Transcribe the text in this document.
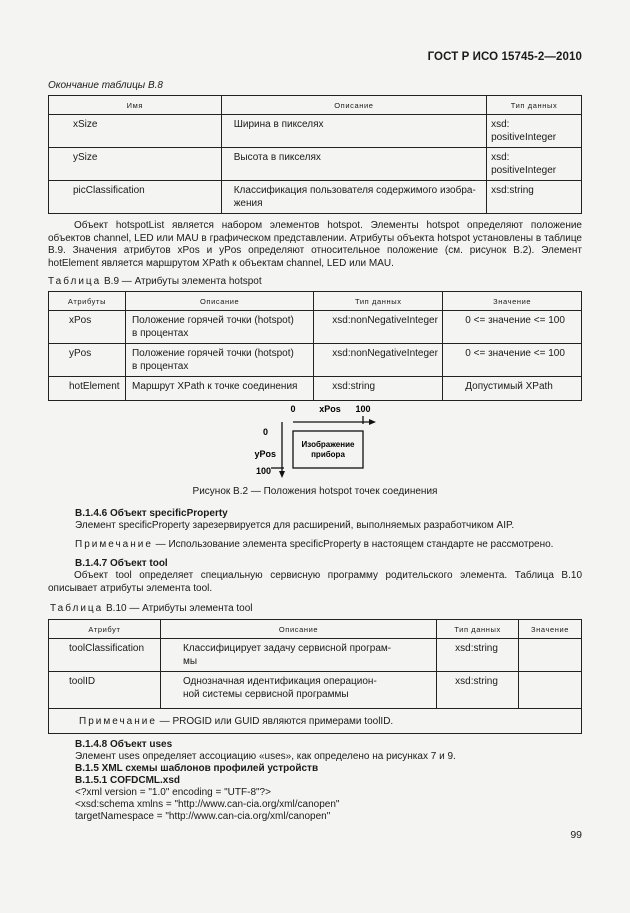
ГОСТ Р ИСО 15745-2—2010
Окончание таблицы В.8
Имя	Описание	Тип данных
xSize	Ширина в пикселях	xsd:
positiveInteger
ySize	Высота в пикселях	xsd:
positiveInteger
picClassification	Классификация пользователя содержимого изобра-
жения	xsd:string
Объект hotspotList является набором элементов hotspot. Элементы hotspot определяют положение объектов channel, LED или MAU в графическом представлении. Атрибуты объекта hotspot установлены в таблице В.9. Значения атрибутов xPos и yPos определяют относительное положение (см. рисунок В.2). Элемент hotElement является маршрутом XPath к объектам channel, LED или MAU.
Таблица В.9 — Атрибуты элемента hotspot
Атрибуты	Описание	Тип данных	Значение
xPos	Положение горячей точки (hotspot)
в процентах	xsd:nonNegativeInteger	0 <= значение <= 100
yPos	Положение горячей точки (hotspot)
в процентах	xsd:nonNegativeInteger	0 <= значение <= 100
hotElement	Маршрут XPath к точке соединения	xsd:string	Допустимый XPath
0	xPos 100
0
yPos
100
Изображение
прибора
Рисунок В.2 — Положения hotspot точек соединения
B.1.4.6 Объект specificProperty
Элемент specificProperty зарезервируется для расширений, выполняемых разработчиком AIP.
Примечание — Использование элемента specificProperty в настоящем стандарте не рассмотрено.
B.1.4.7 Объект tool
Объект tool определяет специальную сервисную программу родительского элемента. Таблица В.10 описывает атрибуты элемента tool.
Таблица В.10 — Атрибуты элемента tool
Атрибут	Описание	Тип данных	Значение
toolClassification	Классифицирует задачу сервисной програм-
мы	xsd:string	
toolID	Однозначная идентификация операцион-
ной системы сервисной программы	xsd:string	
Примечание — PROGID или GUID являются примерами toolID.			
B.1.4.8 Объект uses
Элемент uses определяет ассоциацию «uses», как определено на рисунках 7 и 9.
B.1.5 XML схемы шаблонов профилей устройств
B.1.5.1 COFDCML.xsd
<?xml version = "1.0" encoding = "UTF-8"?>
<xsd:schema xmlns = "http://www.can-cia.org/xml/canopen"
targetNamespace = "http://www.can-cia.org/xml/canopen"
99
